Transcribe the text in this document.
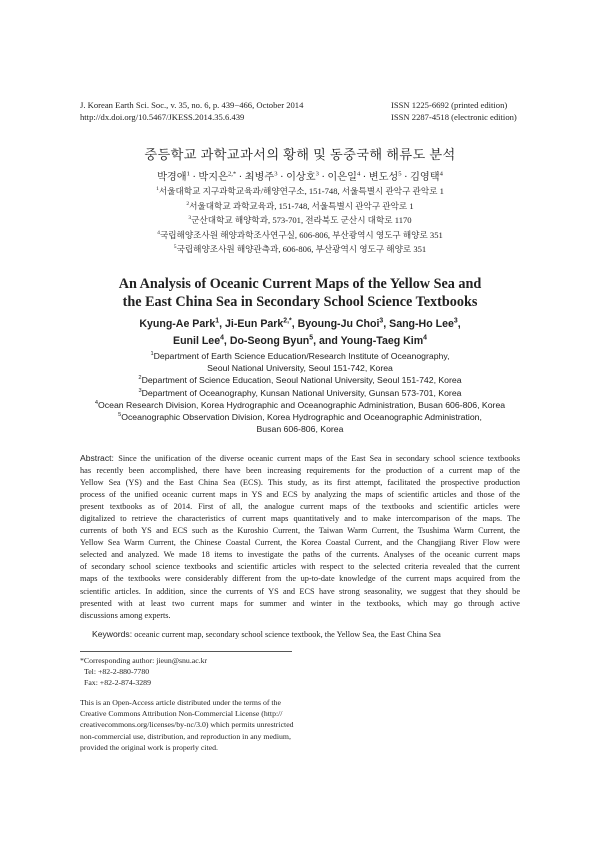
J. Korean Earth Sci. Soc., v. 35, no. 6, p. 439−466, October 2014
http://dx.doi.org/10.5467/JKESS.2014.35.6.439
ISSN 1225-6692 (printed edition)
ISSN 2287-4518 (electronic edition)
중등학교 과학교과서의 황해 및 동중국해 해류도 분석
박경애$^1$ · 박지은$^{2,*}$ · 최병주$^3$ · 이상호$^3$ · 이은일$^4$ · 변도성$^5$ · 김영택$^4$
$^1$서울대학교 지구과학교육과/해양연구소, 151-748, 서울특별시 관악구 관악로 1
$^2$서울대학교 과학교육과, 151-748, 서울특별시 관악구 관악로 1
$^3$군산대학교 해양학과, 573-701, 전라북도 군산시 대학로 1170
$^4$국립해양조사원 해양과학조사연구실, 606-806, 부산광역시 영도구 해양로 351
$^5$국립해양조사원 해양관측과, 606-806, 부산광역시 영도구 해양로 351
An Analysis of Oceanic Current Maps of the Yellow Sea and
the East China Sea in Secondary School Science Textbooks
Kyung-Ae Park$^1$, Ji-Eun Park$^{2,*}$, Byoung-Ju Choi$^3$, Sang-Ho Lee$^3$,
Eunil Lee$^4$, Do-Seong Byun$^5$, and Young-Taeg Kim$^4$
$^1$Department of Earth Science Education/Research Institute of Oceanography,
Seoul National University, Seoul 151-742, Korea
$^2$Department of Science Education, Seoul National University, Seoul 151-742, Korea
$^3$Department of Oceanography, Kunsan National University, Gunsan 573-701, Korea
$^4$Ocean Research Division, Korea Hydrographic and Oceanographic Administration, Busan 606-806, Korea
$^5$Oceanographic Observation Division, Korea Hydrographic and Oceanographic Administration,
Busan 606-806, Korea
Abstract: Since the unification of the diverse oceanic current maps of the East Sea in secondary school science textbooks
has recently been accomplished, there have been increasing requirements for the production of a current map of the
Yellow Sea (YS) and the East China Sea (ECS). This study, as its first attempt, facilitated the prospective production
process of the unified oceanic current maps in YS and ECS by analyzing the maps of scientific articles and those of the
present textbooks as of 2014. First of all, the analogue current maps of the textbooks and scientific articles were
digitalized to retrieve the characteristics of current maps quantitatively and to make intercomparison of the maps. The
currents of both YS and ECS such as the Kuroshio Current, the Taiwan Warm Current, the Tsushima Warm Current, the
Yellow Sea Warm Current, the Chinese Coastal Current, the Korea Coastal Current, and the Changjiang River Flow were
selected and analyzed. We made 18 items to investigate the paths of the currents. Analyses of the oceanic current maps
of secondary school science textbooks and scientific articles with respect to the selected criteria revealed that the current
maps of the textbooks were considerably different from the up-to-date knowledge of the current maps acquired from the
scientific articles. In addition, since the currents of YS and ECS have strong seasonality, we suggest that they should be
presented with at least two current maps for summer and winter in the textbooks, which may go through active
discussions among experts.
Keywords: oceanic current map, secondary school science textbook, the Yellow Sea, the East China Sea
*Corresponding author: jieun@snu.ac.kr
Tel: +82-2-880-7780
Fax: +82-2-874-3289
This is an Open-Access article distributed under the terms of the
Creative Commons Attribution Non-Commercial License (http://
creativecommons.org/licenses/by-nc/3.0) which permits unrestricted
non-commercial use, distribution, and reproduction in any medium,
provided the original work is properly cited.
